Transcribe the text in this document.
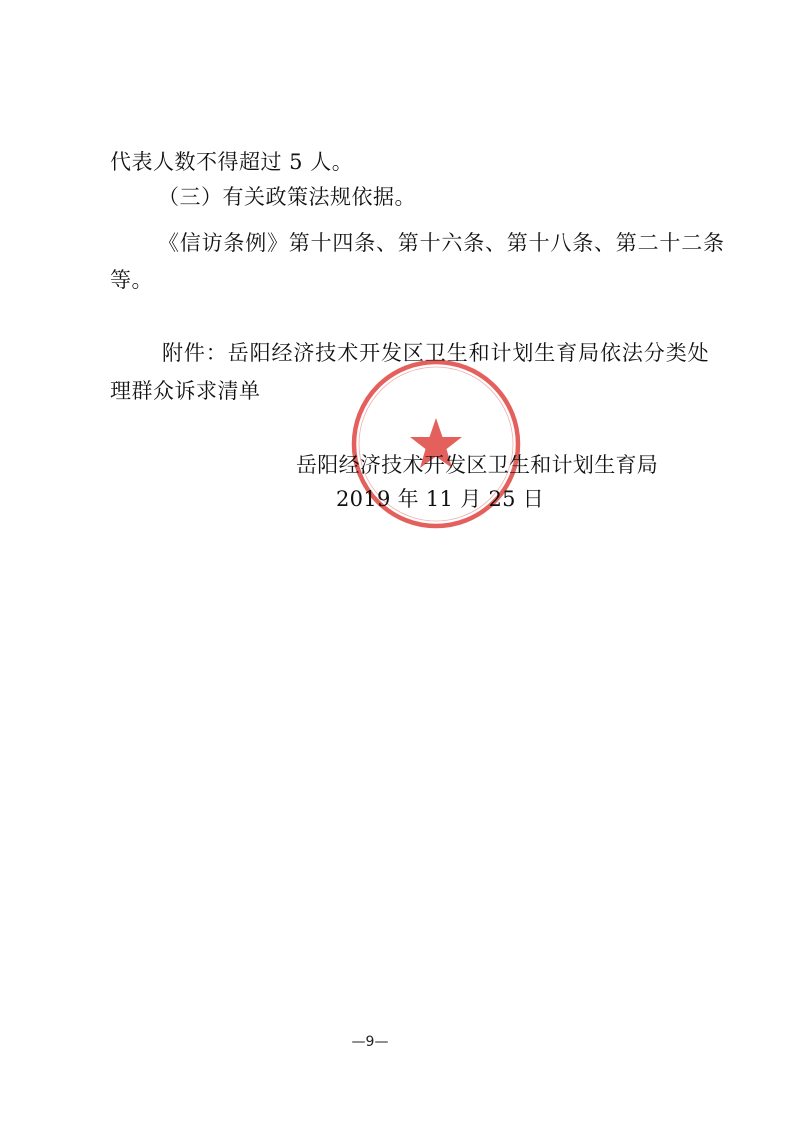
代表人数不得超过 5 人。
（三）有关政策法规依据。
《信访条例》第十四条、第十六条、第十八条、第二十二条
等。
附件：岳阳经济技术开发区卫生和计划生育局依法分类处
理群众诉求清单
岳阳经济技术开发区卫生和计划生育局
2019 年 11 月 25 日
—9—
